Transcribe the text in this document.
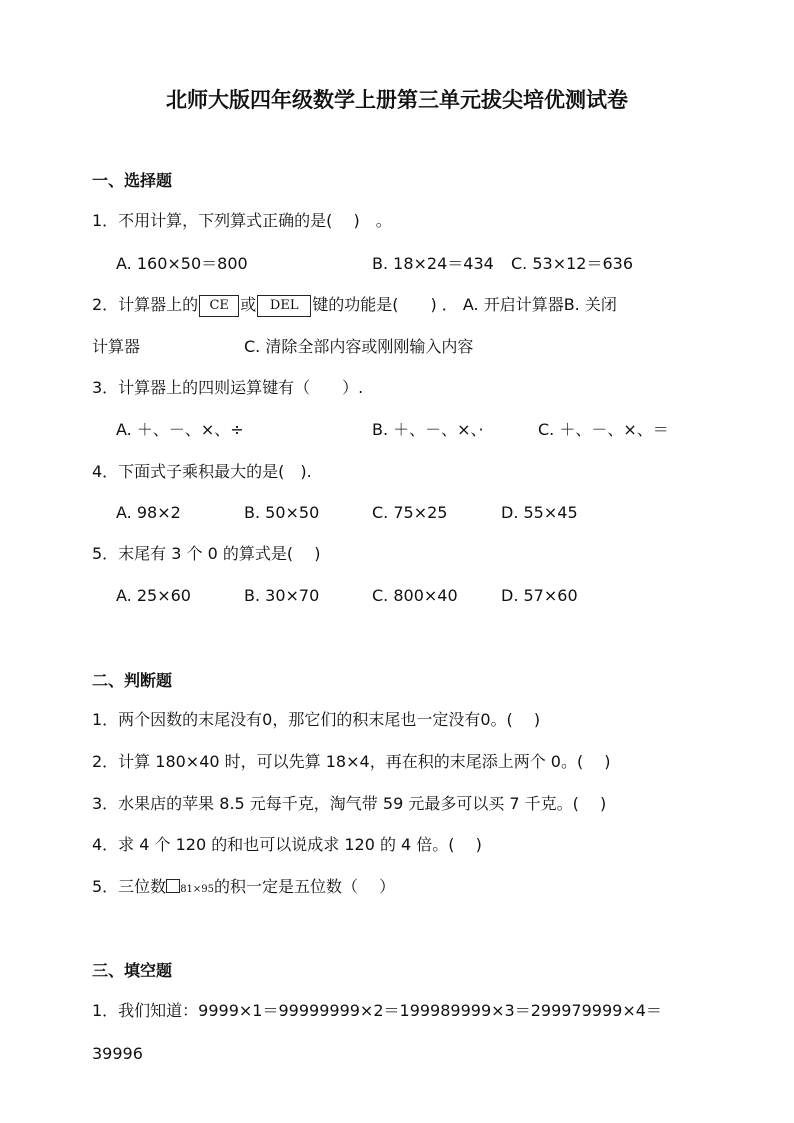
北师大版四年级数学上册第三单元拔尖培优测试卷
一、选择题
1．不用计算，下列算式正确的是(　 )　。
A. 160×50＝800	B. 18×24＝434 C. 53×12＝636
2．计算器上的 CE 或 DEL 键的功能是(　　) ． A. 开启计算器B. 关闭
计算器	C. 清除全部内容或刚刚输入内容
3．计算器上的四则运算键有（　　）.
A. ＋、－、×、÷	B. ＋、－、×、·	C. ＋、－、×、＝
4．下面式子乘积最大的是(　).
A. 98×2	B. 50×50	C. 75×25	D. 55×45
5．末尾有 3 个 0 的算式是(　 )
A. 25×60	B. 30×70	C. 800×40	D. 57×60
二、判断题
1．两个因数的末尾没有0，那它们的积末尾也一定没有0。(　 )
2．计算 180×40 时，可以先算 18×4，再在积的末尾添上两个 0。(　 )
3．水果店的苹果 8.5 元每千克，淘气带 59 元最多可以买 7 千克。(　 )
4．求 4 个 120 的和也可以说成求 120 的 4 倍。(　 )
5．三位数 81×95的积一定是五位数（　 ）
三、填空题
1．我们知道：9999×1＝99999999×2＝199989999×3＝299979999×4＝
39996
